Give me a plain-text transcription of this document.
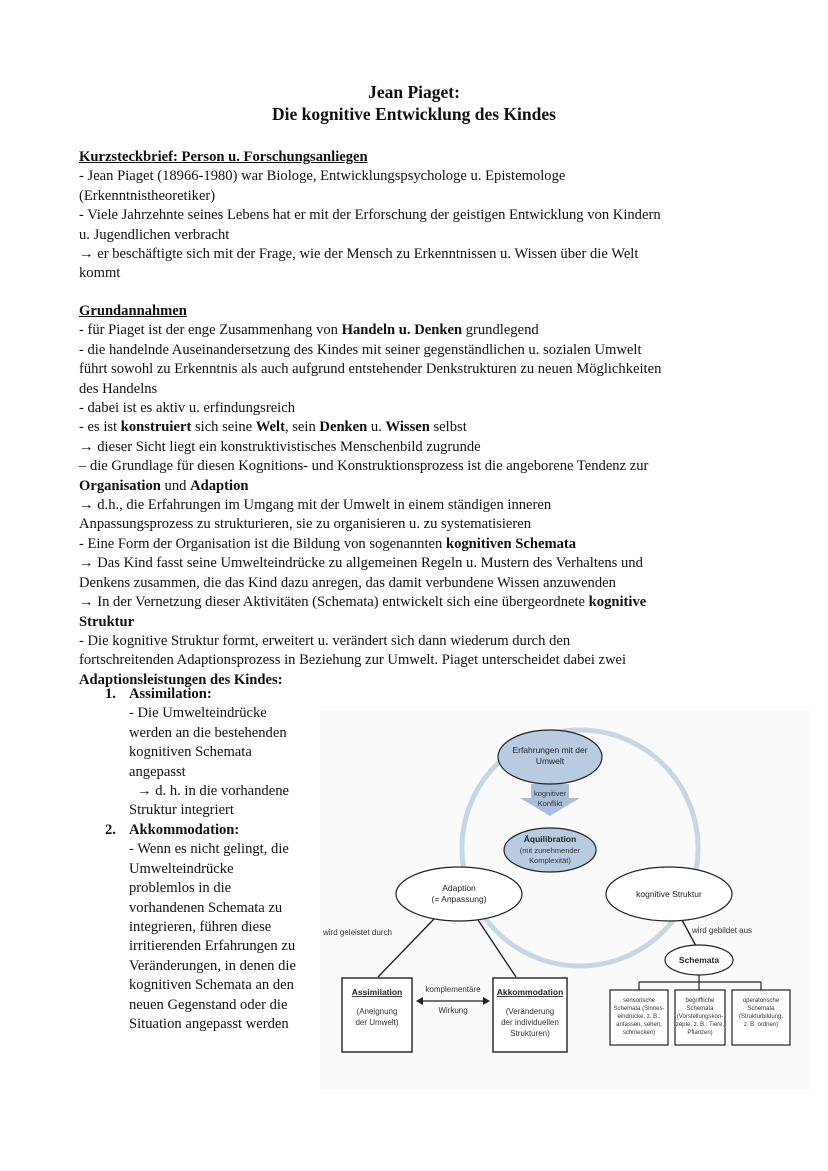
Jean Piaget:
Die kognitive Entwicklung des Kindes
Kurzsteckbrief: Person u. Forschungsanliegen
- Jean Piaget (18966-1980) war Biologe, Entwicklungspsychologe u. Epistemologe
(Erkenntnistheoretiker)
- Viele Jahrzehnte seines Lebens hat er mit der Erforschung der geistigen Entwicklung von Kindern
u. Jugendlichen verbracht
→ er beschäftigte sich mit der Frage, wie der Mensch zu Erkenntnissen u. Wissen über die Welt
kommt
Grundannahmen
- für Piaget ist der enge Zusammenhang von Handeln u. Denken grundlegend
- die handelnde Auseinandersetzung des Kindes mit seiner gegenständlichen u. sozialen Umwelt
führt sowohl zu Erkenntnis als auch aufgrund entstehender Denkstrukturen zu neuen Möglichkeiten
des Handelns
- dabei ist es aktiv u. erfindungsreich
- es ist konstruiert sich seine Welt, sein Denken u. Wissen selbst
→ dieser Sicht liegt ein konstruktivistisches Menschenbild zugrunde
– die Grundlage für diesen Kognitions- und Konstruktionsprozess ist die angeborene Tendenz zur
Organisation und Adaption
→ d.h., die Erfahrungen im Umgang mit der Umwelt in einem ständigen inneren
Anpassungsprozess zu strukturieren, sie zu organisieren u. zu systematisieren
- Eine Form der Organisation ist die Bildung von sogenannten kognitiven Schemata
→ Das Kind fasst seine Umwelteindrücke zu allgemeinen Regeln u. Mustern des Verhaltens und
Denkens zusammen, die das Kind dazu anregen, das damit verbundene Wissen anzuwenden
→ In der Vernetzung dieser Aktivitäten (Schemata) entwickelt sich eine übergeordnete kognitive
Struktur
- Die kognitive Struktur formt, erweitert u. verändert sich dann wiederum durch den
fortschreitenden Adaptionsprozess in Beziehung zur Umwelt. Piaget unterscheidet dabei zwei
Adaptionsleistungen des Kindes:
1. Assimilation:
- Die Umwelteindrücke
werden an die bestehenden
kognitiven Schemata
angepasst
→ d. h. in die vorhandene
Struktur integriert
2. Akkommodation:
- Wenn es nicht gelingt, die
Umwelteindrücke
problemlos in die
vorhandenen Schemata zu
integrieren, führen diese
irritierenden Erfahrungen zu
Veränderungen, in denen die
kognitiven Schemata an den
neuen Gegenstand oder die
Situation angepasst werden
kognitiver
Konflikt
Erfahrungen mit der
Umwelt
Äquilibration
(mit zunehmender
Komplexität)
Adaption
(= Anpassung)	kognitive Struktur
wird geleistet durch
Assimilation
(Aneignung
der Umwelt)
Akkommodation
(Veränderung
der individuellen
Strukturen)
komplementäre
Wirkung
wird gebildet aus
Schemata
sensorische
Schemata (Sinnes-
eindrücke, z. B.:
anfassen, sehen,
schmecken)
begriffliche
Schemata
(Vorstellungskon-
zepte, z. B.: Tiere,
Pflanzen)
operatorische
Schemata
(Strukturbildung,
z. B. ordnen)
